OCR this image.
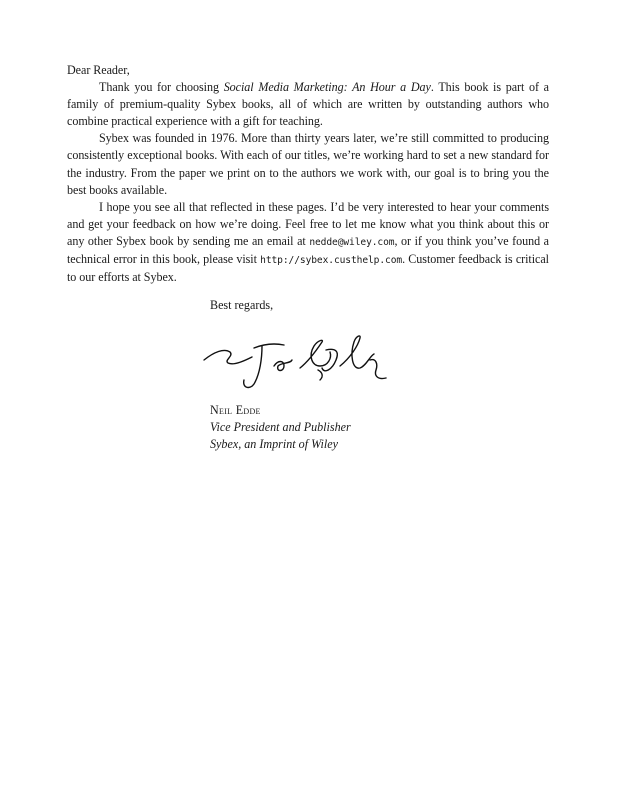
Dear Reader,

Thank you for choosing Social Media Marketing: An Hour a Day. This book is part of a family of premium-quality Sybex books, all of which are written by outstanding authors who combine practical experience with a gift for teaching.

Sybex was founded in 1976. More than thirty years later, we’re still committed to producing consistently exceptional books. With each of our titles, we’re working hard to set a new standard for the industry. From the paper we print on to the authors we work with, our goal is to bring you the best books available.

I hope you see all that reflected in these pages. I’d be very interested to hear your comments and get your feedback on how we’re doing. Feel free to let me know what you think about this or any other Sybex book by sending me an email at nedde@wiley.com, or if you think you’ve found a technical error in this book, please visit http://sybex.custhelp.com. Customer feedback is critical to our efforts at Sybex.

Best regards,
Neil Edde
Vice President and Publisher
Sybex, an Imprint of Wiley
